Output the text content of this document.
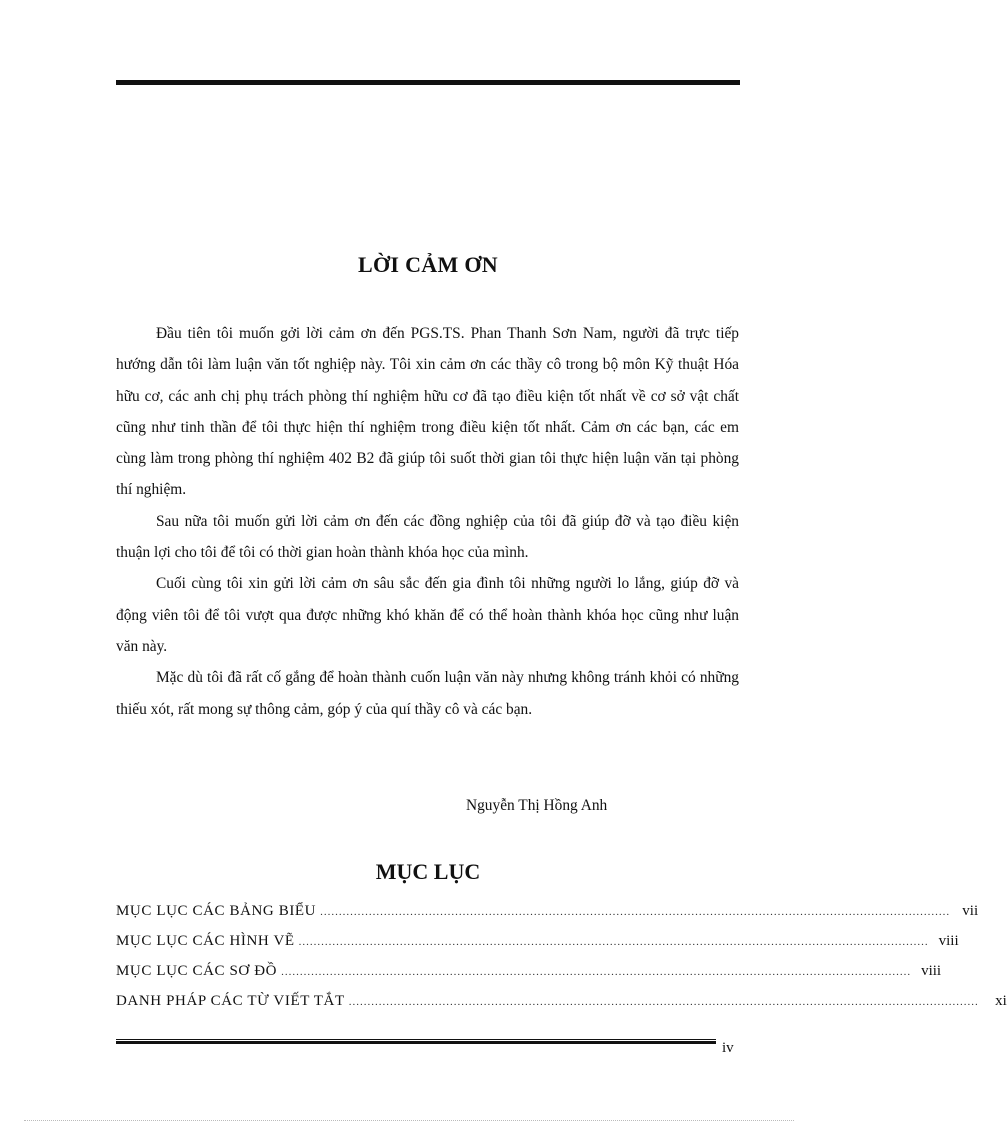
LỜI CẢM ƠN

Đầu tiên tôi muốn gởi lời cảm ơn đến PGS.TS. Phan Thanh Sơn Nam, người đã trực tiếp hướng dẫn tôi làm luận văn tốt nghiệp này. Tôi xin cảm ơn các thầy cô trong bộ môn Kỹ thuật Hóa hữu cơ, các anh chị phụ trách phòng thí nghiệm hữu cơ đã tạo điều kiện tốt nhất về cơ sở vật chất cũng như tinh thần để tôi thực hiện thí nghiệm trong điều kiện tốt nhất. Cảm ơn các bạn, các em cùng làm trong phòng thí nghiệm 402 B2 đã giúp tôi suốt thời gian tôi thực hiện luận văn tại phòng thí nghiệm.

Sau nữa tôi muốn gửi lời cảm ơn đến các đồng nghiệp của tôi đã giúp đỡ và tạo điều kiện thuận lợi cho tôi để tôi có thời gian hoàn thành khóa học của mình.

Cuối cùng tôi xin gửi lời cảm ơn sâu sắc đến gia đình tôi những người lo lắng, giúp đỡ và động viên tôi để tôi vượt qua được những khó khăn để có thể hoàn thành khóa học cũng như luận văn này.

Mặc dù tôi đã rất cố gắng để hoàn thành cuốn luận văn này nhưng không tránh khỏi có những thiếu xót, rất mong sự thông cảm, góp ý của quí thầy cô và các bạn.

Nguyễn Thị Hồng Anh
MỤC LỤC
MỤC LỤC CÁC BẢNG BIỂU ........................................................................................................................................................................ vii
MỤC LỤC CÁC HÌNH VẼ ........................................................................................................................................................................ viii
MỤC LỤC CÁC SƠ ĐỒ ........................................................................................................................................................................ viii
DANH PHÁP CÁC TỪ VIẾT TẮT ........................................................................................................................................................................	xi
iv
